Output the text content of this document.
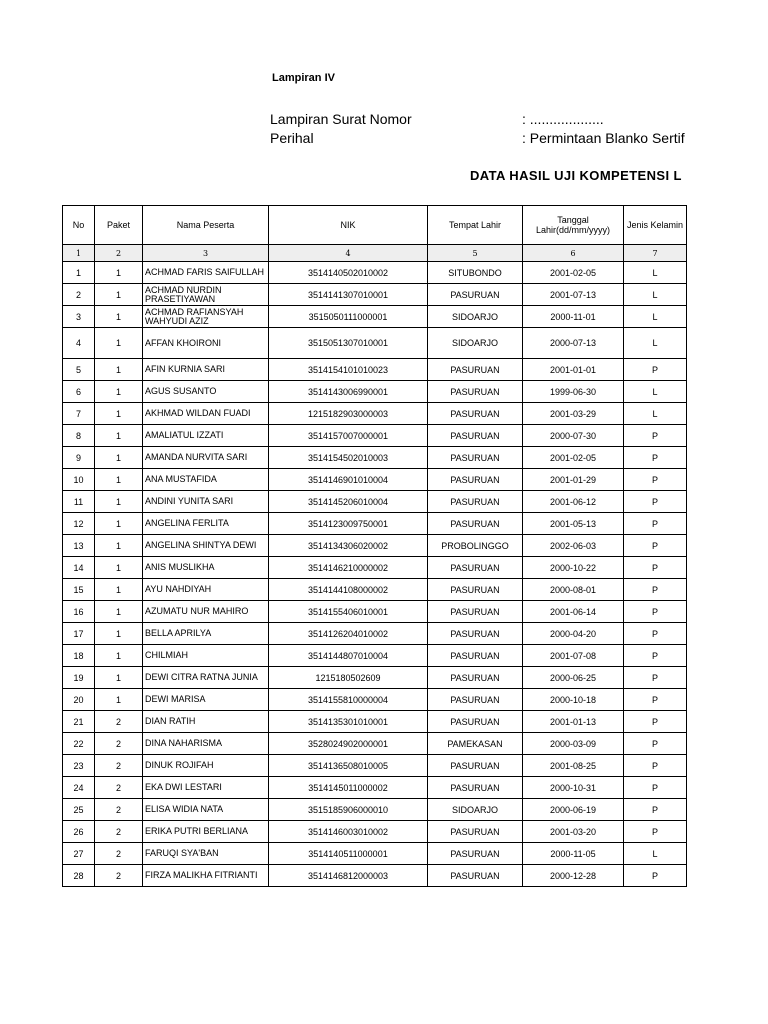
Lampiran IV
Lampiran Surat Nomor	: ...................
Perihal	: Permintaan Blanko Sertif
DATA HASIL UJI KOMPETENSI L
No	Paket	Nama Peserta	NIK	Tempat Lahir	Tanggal Lahir(dd/mm/yyyy)	Jenis Kelamin
1	2	3	4	5	6	7
1	1	ACHMAD FARIS SAIFULLAH	3514140502010002	SITUBONDO	2001-02-05	L
2	1	ACHMAD NURDIN PRASETIYAWAN	3514141307010001	PASURUAN	2001-07-13	L
3	1	ACHMAD RAFIANSYAH WAHYUDI AZIZ	3515050111000001	SIDOARJO	2000-11-01	L
4	1	AFFAN KHOIRONI	3515051307010001	SIDOARJO	2000-07-13	L
5	1	AFIN KURNIA SARI	3514154101010023	PASURUAN	2001-01-01	P
6	1	AGUS SUSANTO	3514143006990001	PASURUAN	1999-06-30	L
7	1	AKHMAD WILDAN FUADI	1215182903000003	PASURUAN	2001-03-29	L
8	1	AMALIATUL IZZATI	3514157007000001	PASURUAN	2000-07-30	P
9	1	AMANDA NURVITA SARI	3514154502010003	PASURUAN	2001-02-05	P
10	1	ANA MUSTAFIDA	3514146901010004	PASURUAN	2001-01-29	P
11	1	ANDINI YUNITA SARI	3514145206010004	PASURUAN	2001-06-12	P
12	1	ANGELINA FERLITA	3514123009750001	PASURUAN	2001-05-13	P
13	1	ANGELINA SHINTYA DEWI	3514134306020002	PROBOLINGGO	2002-06-03	P
14	1	ANIS MUSLIKHA	3514146210000002	PASURUAN	2000-10-22	P
15	1	AYU NAHDIYAH	3514144108000002	PASURUAN	2000-08-01	P
16	1	AZUMATU NUR MAHIRO	3514155406010001	PASURUAN	2001-06-14	P
17	1	BELLA APRILYA	3514126204010002	PASURUAN	2000-04-20	P
18	1	CHILMIAH	3514144807010004	PASURUAN	2001-07-08	P
19	1	DEWI CITRA RATNA JUNIA	1215180502609	PASURUAN	2000-06-25	P
20	1	DEWI MARISA	3514155810000004	PASURUAN	2000-10-18	P
21	2	DIAN RATIH	3514135301010001	PASURUAN	2001-01-13	P
22	2	DINA NAHARISMA	3528024902000001	PAMEKASAN	2000-03-09	P
23	2	DINUK ROJIFAH	3514136508010005	PASURUAN	2001-08-25	P
24	2	EKA DWI LESTARI	3514145011000002	PASURUAN	2000-10-31	P
25	2	ELISA WIDIA NATA	3515185906000010	SIDOARJO	2000-06-19	P
26	2	ERIKA PUTRI BERLIANA	3514146003010002	PASURUAN	2001-03-20	P
27	2	FARUQI SYA'BAN	3514140511000001	PASURUAN	2000-11-05	L
28	2	FIRZA MALIKHA FITRIANTI	3514146812000003	PASURUAN	2000-12-28	P
